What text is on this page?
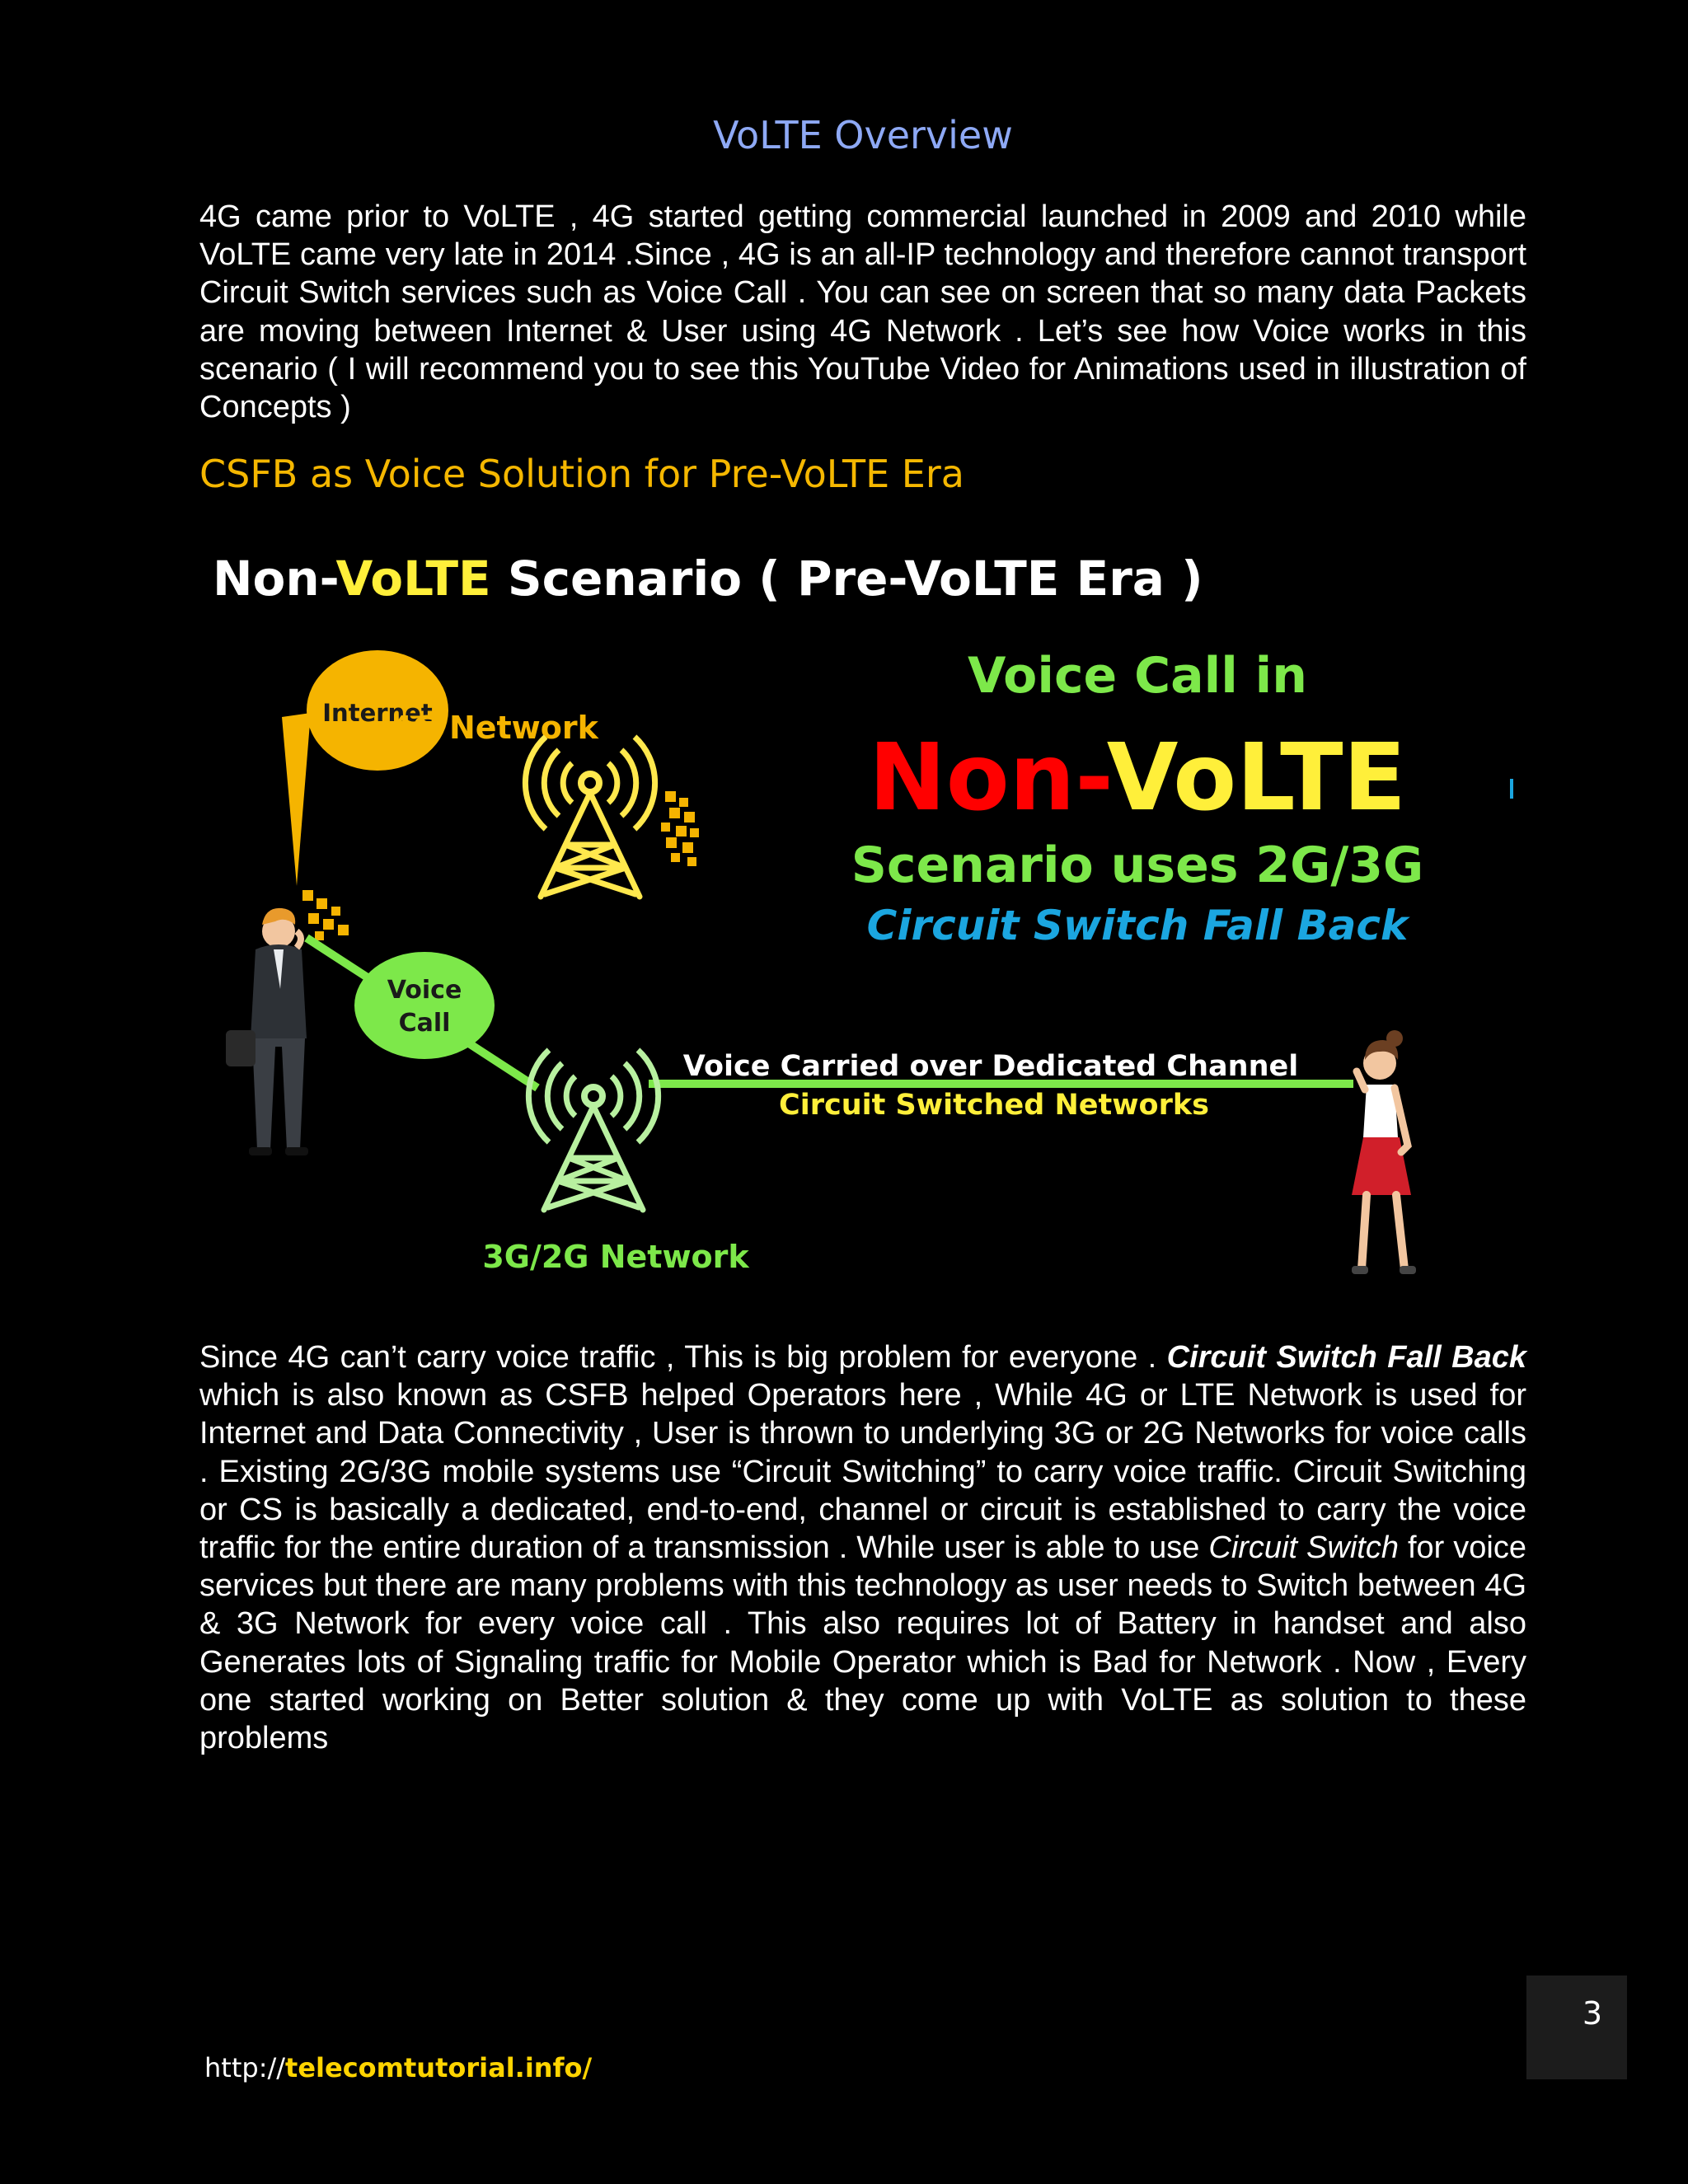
VoLTE Overview

4G came prior to VoLTE , 4G started getting commercial launched in 2009 and 2010 while VoLTE came very late in 2014 .Since , 4G is an all-IP technology and therefore cannot transport Circuit Switch services such as Voice Call . You can see on screen that so many data Packets are moving between Internet & User using 4G Network . Let’s see how Voice works in this scenario ( I will recommend you to see this YouTube Video for Animations used in illustration of Concepts )

CSFB as Voice Solution for Pre-VoLTE Era
Non-VoLTE Scenario ( Pre-VoLTE Era )
Internet
4G Network
Voice Call in
Non-VoLTE
Scenario uses 2G/3G
Circuit Switch Fall Back
Voice
Call
3G/2G Network
Voice Carried over Dedicated Channel
Circuit Switched Networks

Since 4G can’t carry voice traffic , This is big problem for everyone . Circuit Switch Fall Back which is also known as CSFB helped Operators here , While 4G or LTE Network is used for Internet and Data Connectivity , User is thrown to underlying 3G or 2G Networks for voice calls . Existing 2G/3G mobile systems use “Circuit Switching” to carry voice traffic. Circuit Switching or CS is basically a dedicated, end-to-end, channel or circuit is established to carry the voice traffic for the entire duration of a transmission . While user is able to use Circuit Switch for voice services but there are many problems with this technology as user needs to Switch between 4G & 3G Network for every voice call . This also requires lot of Battery in handset and also Generates lots of Signaling traffic for Mobile Operator which is Bad for Network . Now , Every one started working on Better solution & they come up with VoLTE as solution to these problems

http://telecomtutorial.info/
3
